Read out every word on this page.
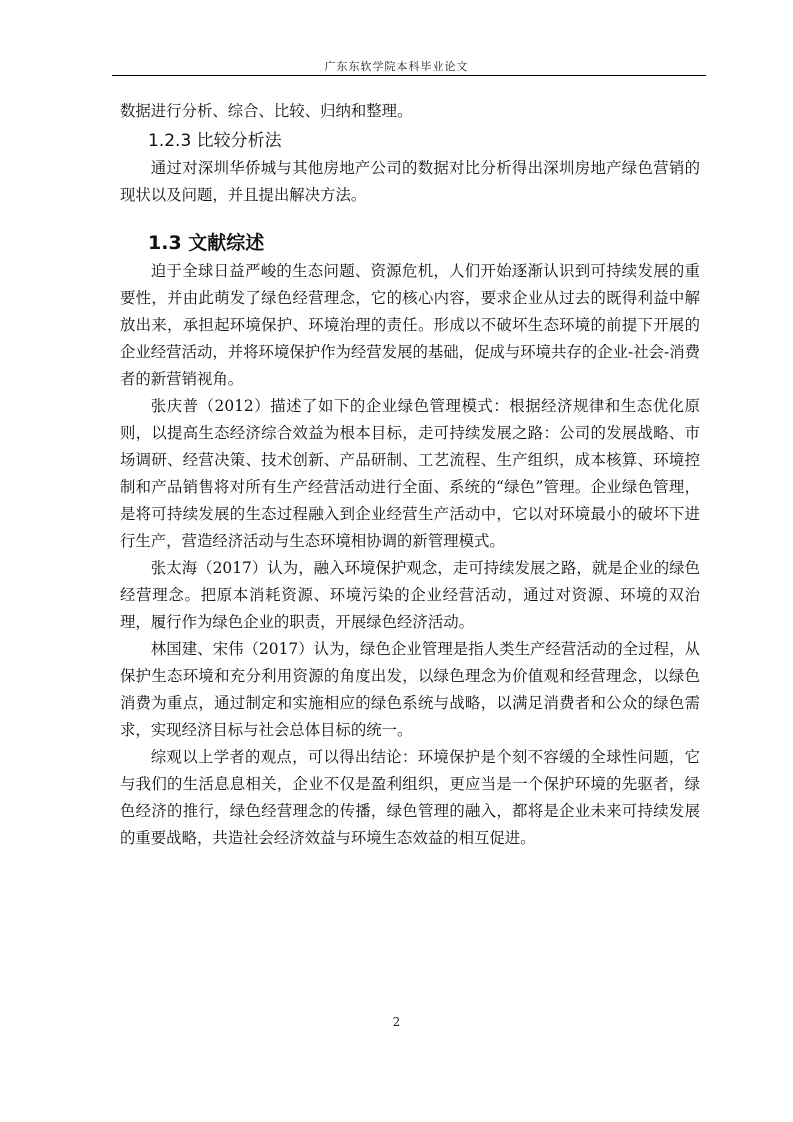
广东东软学院本科毕业论文

数据进行分析、综合、比较、归纳和整理。

1.2.3 比较分析法

通过对深圳华侨城与其他房地产公司的数据对比分析得出深圳房地产绿色营销的现状以及问题，并且提出解决方法。

1.3 文献综述

迫于全球日益严峻的生态问题、资源危机，人们开始逐渐认识到可持续发展的重要性，并由此萌发了绿色经营理念，它的核心内容，要求企业从过去的既得利益中解放出来，承担起环境保护、环境治理的责任。形成以不破坏生态环境的前提下开展的企业经营活动，并将环境保护作为经营发展的基础，促成与环境共存的企业-社会-消费者的新营销视角。

张庆普（2012）描述了如下的企业绿色管理模式：根据经济规律和生态优化原则，以提高生态经济综合效益为根本目标，走可持续发展之路：公司的发展战略、市场调研、经营决策、技术创新、产品研制、工艺流程、生产组织，成本核算、环境控制和产品销售将对所有生产经营活动进行全面、系统的“绿色”管理。企业绿色管理，是将可持续发展的生态过程融入到企业经营生产活动中，它以对环境最小的破坏下进行生产，营造经济活动与生态环境相协调的新管理模式。

张太海（2017）认为，融入环境保护观念，走可持续发展之路，就是企业的绿色经营理念。把原本消耗资源、环境污染的企业经营活动，通过对资源、环境的双治理，履行作为绿色企业的职责，开展绿色经济活动。

林国建、宋伟（2017）认为，绿色企业管理是指人类生产经营活动的全过程，从保护生态环境和充分利用资源的角度出发，以绿色理念为价值观和经营理念，以绿色消费为重点，通过制定和实施相应的绿色系统与战略，以满足消费者和公众的绿色需求，实现经济目标与社会总体目标的统一。

综观以上学者的观点，可以得出结论：环境保护是个刻不容缓的全球性问题，它与我们的生活息息相关，企业不仅是盈利组织，更应当是一个保护环境的先驱者，绿色经济的推行，绿色经营理念的传播，绿色管理的融入，都将是企业未来可持续发展的重要战略，共造社会经济效益与环境生态效益的相互促进。

2
